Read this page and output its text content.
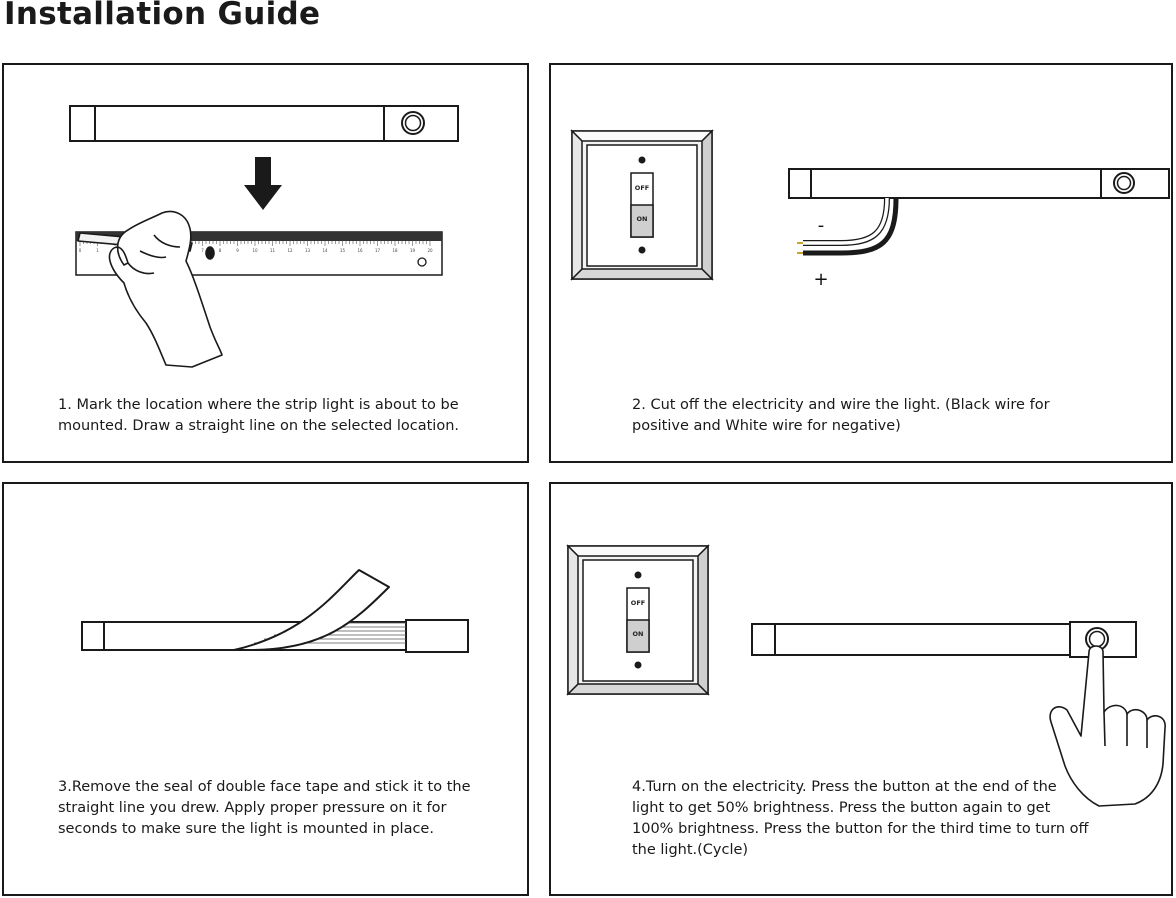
Installation Guide
0	1	7	8	9	10	11	12	13	14	15	16	17	18	19	20

1. Mark the location where the strip light is about to be mounted. Draw a straight line on the selected location.

OFF
ON	-
+

2. Cut off the electricity and wire the light. (Black wire for positive and White wire for negative)

3.Remove the seal of double face tape and stick it to the straight line you drew. Apply proper pressure on it for seconds to make sure the light is mounted in place.

OFF
ON

4.Turn on the electricity. Press the button at the end of the light to get 50% brightness. Press the button again to get 100% brightness. Press the button for the third time to turn off the light.(Cycle)
